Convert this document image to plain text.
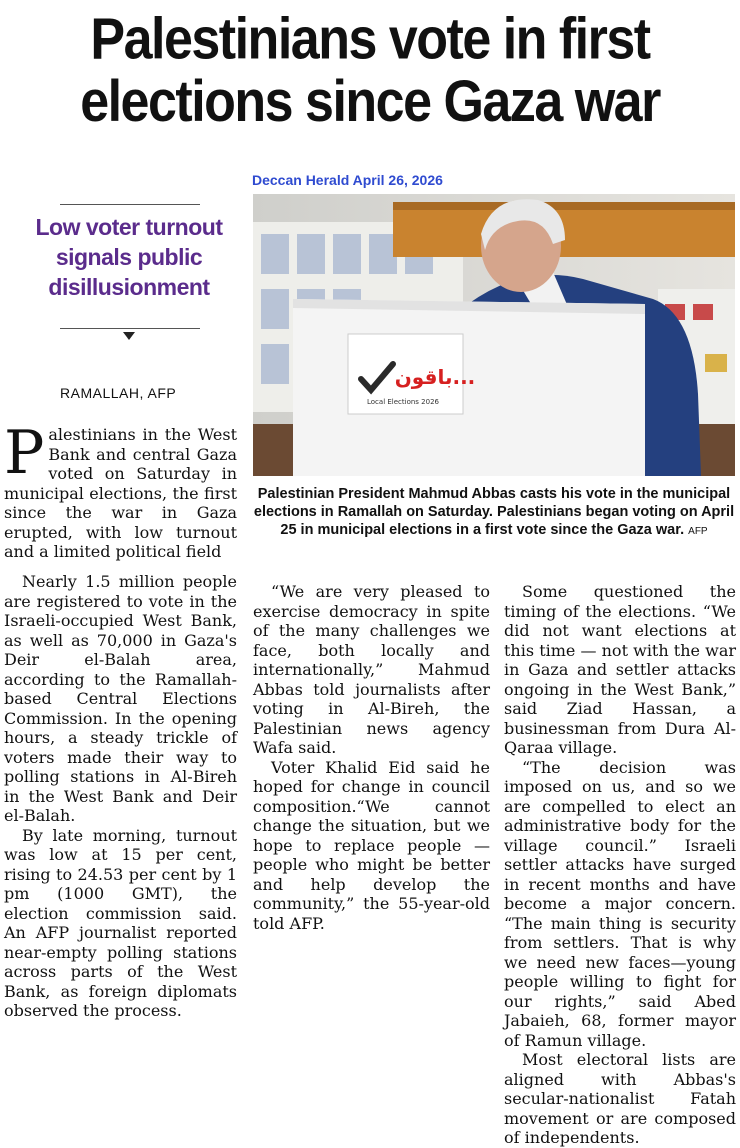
Palestinians vote in first elections since Gaza war
Deccan Herald April 26, 2026
Low voter turnout signals public disillusionment
RAMALLAH, AFP
باقون...
Local Elections 2026
Palestinian President Mahmud Abbas casts his vote in the municipal elections in Ramallah on Saturday. Palestinians began voting on April 25 in municipal elections in a first vote since the Gaza war. AFP
P alestinians in the West Bank and central Gaza voted on Saturday in municipal elections, the first since the war in Gaza erupted, with low turnout and a limited political field

Nearly 1.5 million people are registered to vote in the Israeli-occupied West Bank, as well as 70,000 in Gaza's Deir el-Balah area, according to the Ramallah-based Central Elections Commission. In the opening hours, a steady trickle of voters made their way to polling stations in Al-Bireh in the West Bank and Deir el-Balah.

By late morning, turnout was low at 15 per cent, rising to 24.53 per cent by 1 pm (1000 GMT), the election commission said. An AFP journalist reported near-empty polling stations across parts of the West Bank, as foreign diplomats observed the process.

“We are very pleased to exercise democracy in spite of the many challenges we face, both locally and internationally,” Mahmud Abbas told journalists after voting in Al-Bireh, the Palestinian news agency Wafa said.

Voter Khalid Eid said he hoped for change in council composition.“We cannot change the situation, but we hope to replace people — people who might be better and help develop the community,” the 55-year-old told AFP.

Some questioned the timing of the elections. “We did not want elections at this time — not with the war in Gaza and settler attacks ongoing in the West Bank,” said Ziad Hassan, a businessman from Dura Al-Qaraa village.

“The decision was imposed on us, and so we are compelled to elect an administrative body for the village council.” Israeli settler attacks have surged in recent months and have become a major concern. “The main thing is security from settlers. That is why we need new faces—young people willing to fight for our rights,” said Abed Jabaieh, 68, former mayor of Ramun village.

Most electoral lists are aligned with Abbas's secular-nationalist Fatah movement or are composed of independents.
